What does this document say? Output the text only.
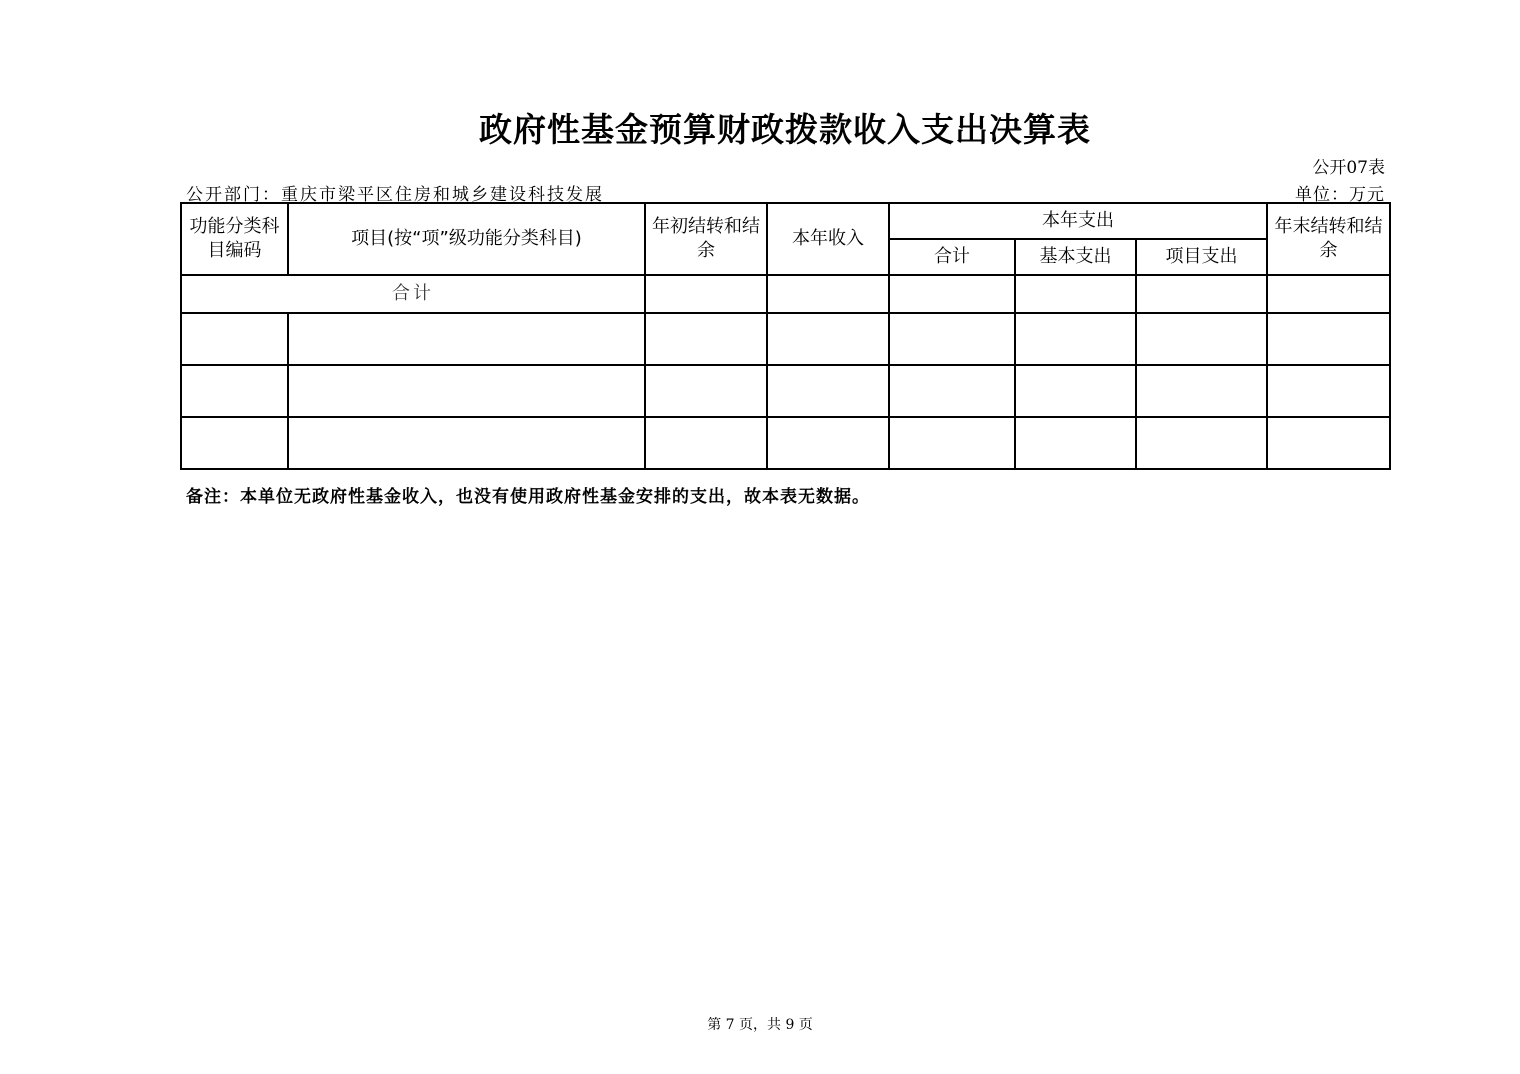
政府性基金预算财政拨款收入支出决算表
公开07表
公开部门：重庆市梁平区住房和城乡建设科技发展	单位：万元
功能分类科目编码	项目(按“项”级功能分类科目)	年初结转和结余	本年收入	本年支出			年末结转和结余
				合计	基本支出	项目支出	
合计							

备注：本单位无政府性基金收入，也没有使用政府性基金安排的支出，故本表无数据。
第 7 页，共 9 页
